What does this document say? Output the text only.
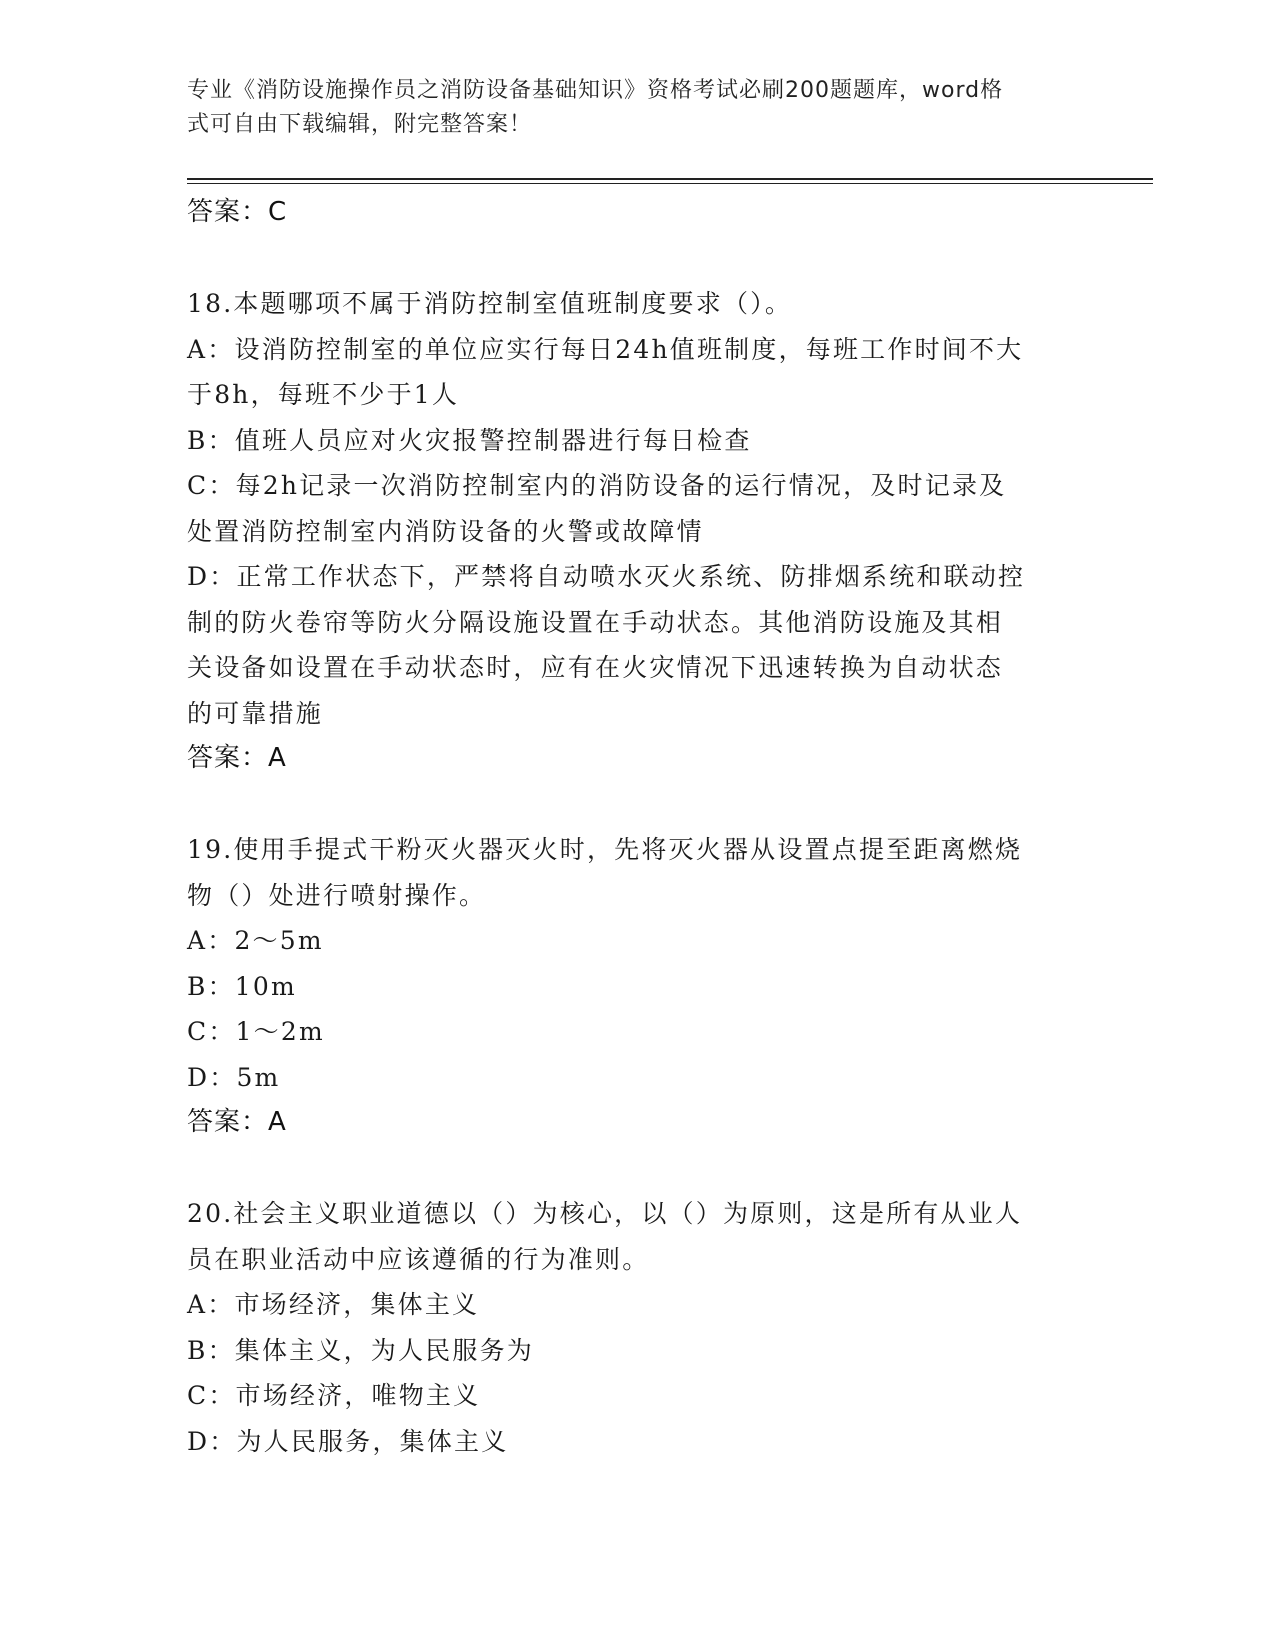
专业《消防设施操作员之消防设备基础知识》资格考试必刷200题题库，word格
式可自由下载编辑，附完整答案！

答案：C

18.本题哪项不属于消防控制室值班制度要求（）。

A：设消防控制室的单位应实行每日24h值班制度，每班工作时间不大

于8h，每班不少于1人

B：值班人员应对火灾报警控制器进行每日检查

C：每2h记录一次消防控制室内的消防设备的运行情况，及时记录及

处置消防控制室内消防设备的火警或故障情

D：正常工作状态下，严禁将自动喷水灭火系统、防排烟系统和联动控

制的防火卷帘等防火分隔设施设置在手动状态。其他消防设施及其相

关设备如设置在手动状态时，应有在火灾情况下迅速转换为自动状态

的可靠措施

答案：A

19.使用手提式干粉灭火器灭火时，先将灭火器从设置点提至距离燃烧

物（）处进行喷射操作。

A：2～5m

B：10m

C：1～2m

D：5m

答案：A

20.社会主义职业道德以（）为核心，以（）为原则，这是所有从业人

员在职业活动中应该遵循的行为准则。

A：市场经济，集体主义

B：集体主义，为人民服务为

C：市场经济，唯物主义

D：为人民服务，集体主义
